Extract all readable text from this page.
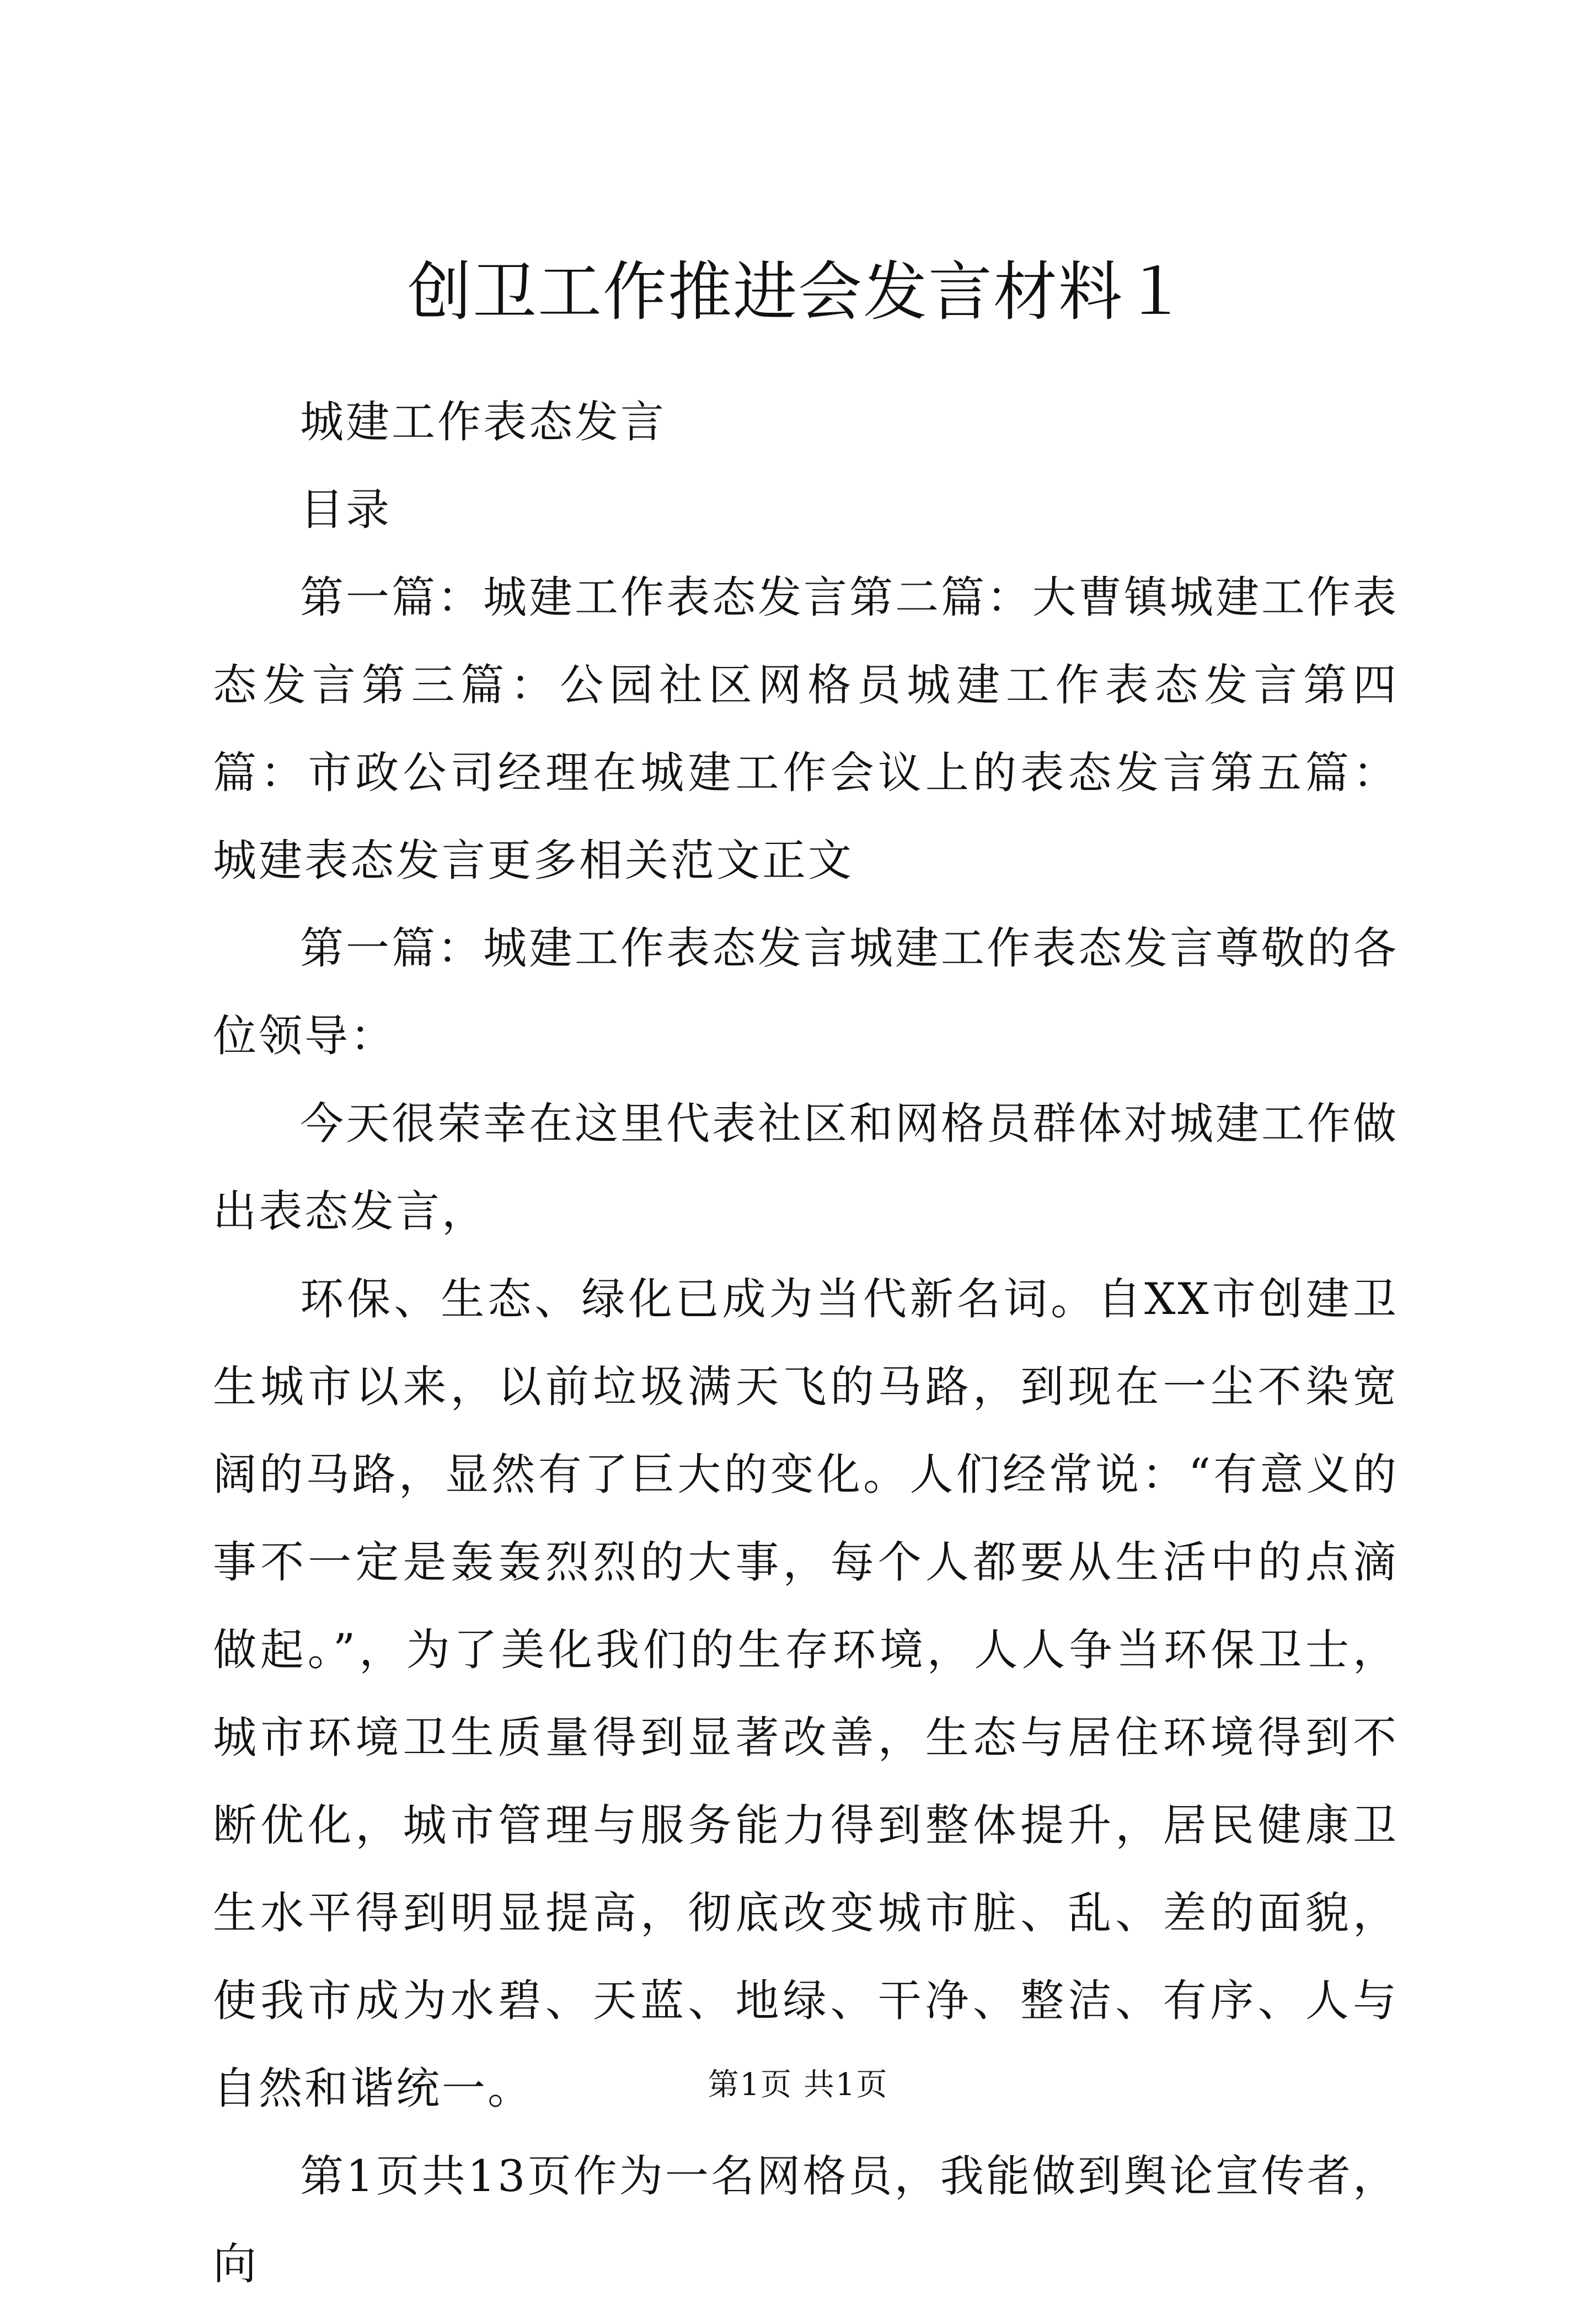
创卫工作推进会发言材料１

城建工作表态发言

目录

第一篇：城建工作表态发言第二篇：大曹镇城建工作表态发言第三篇：公园社区网格员城建工作表态发言第四篇：市政公司经理在城建工作会议上的表态发言第五篇：城建表态发言更多相关范文正文

第一篇：城建工作表态发言城建工作表态发言尊敬的各位领导：

今天很荣幸在这里代表社区和网格员群体对城建工作做出表态发言，

环保、生态、绿化已成为当代新名词。自XX市创建卫生城市以来，以前垃圾满天飞的马路，到现在一尘不染宽阔的马路，显然有了巨大的变化。人们经常说：“有意义的事不一定是轰轰烈烈的大事，每个人都要从生活中的点滴做起。”，为了美化我们的生存环境，人人争当环保卫士，城市环境卫生质量得到显著改善，生态与居住环境得到不断优化，城市管理与服务能力得到整体提升，居民健康卫生水平得到明显提高，彻底改变城市脏、乱、差的面貌，使我市成为水碧、天蓝、地绿、干净、整洁、有序、人与自然和谐统一。

第1页共13页作为一名网格员，我能做到舆论宣传者，向

第1页 共1页
